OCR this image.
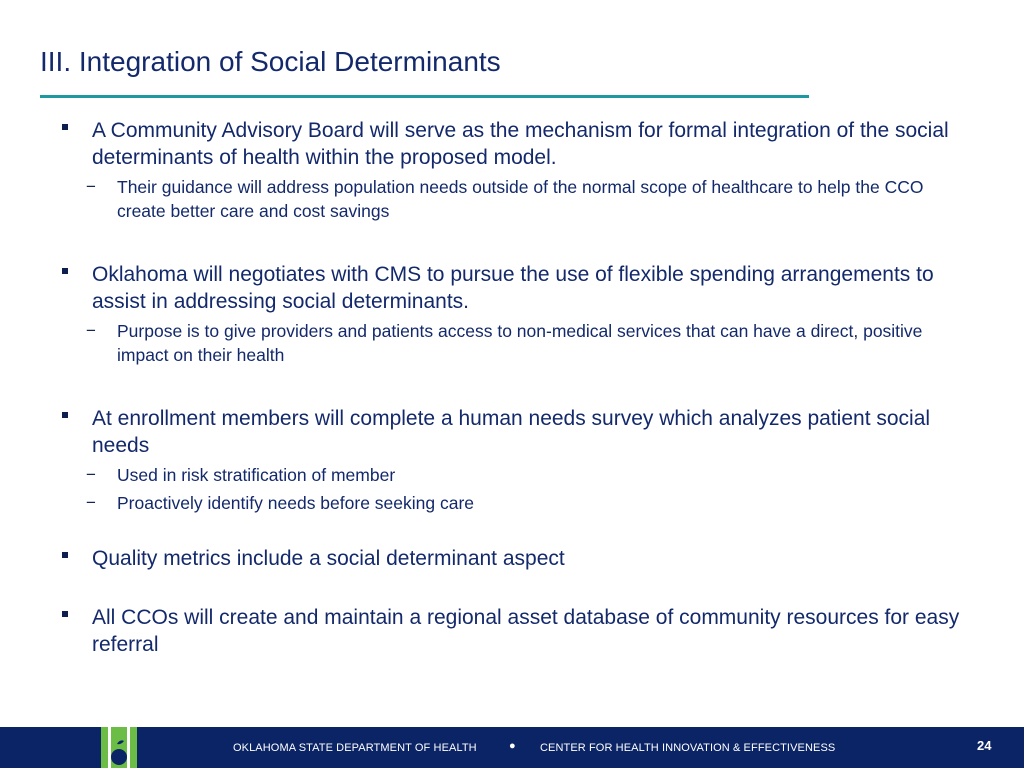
III. Integration of Social Determinants
A Community Advisory Board will serve as the mechanism for formal integration of the social determinants of health within the proposed model.
− Their guidance will address population needs outside of the normal scope of healthcare to help the CCO create better care and cost savings
Oklahoma will negotiates with CMS to pursue the use of flexible spending arrangements to assist in addressing social determinants.
− Purpose is to give providers and patients access to non-medical services that can have a direct, positive impact on their health
At enrollment members will complete a human needs survey which analyzes patient social needs
− Used in risk stratification of member
− Proactively identify needs before seeking care
Quality metrics include a social determinant aspect
All CCOs will create and maintain a regional asset database of community resources for easy referral
OKLAHOMA STATE DEPARTMENT OF HEALTH	● CENTER FOR HEALTH INNOVATION & EFFECTIVENESS	24
